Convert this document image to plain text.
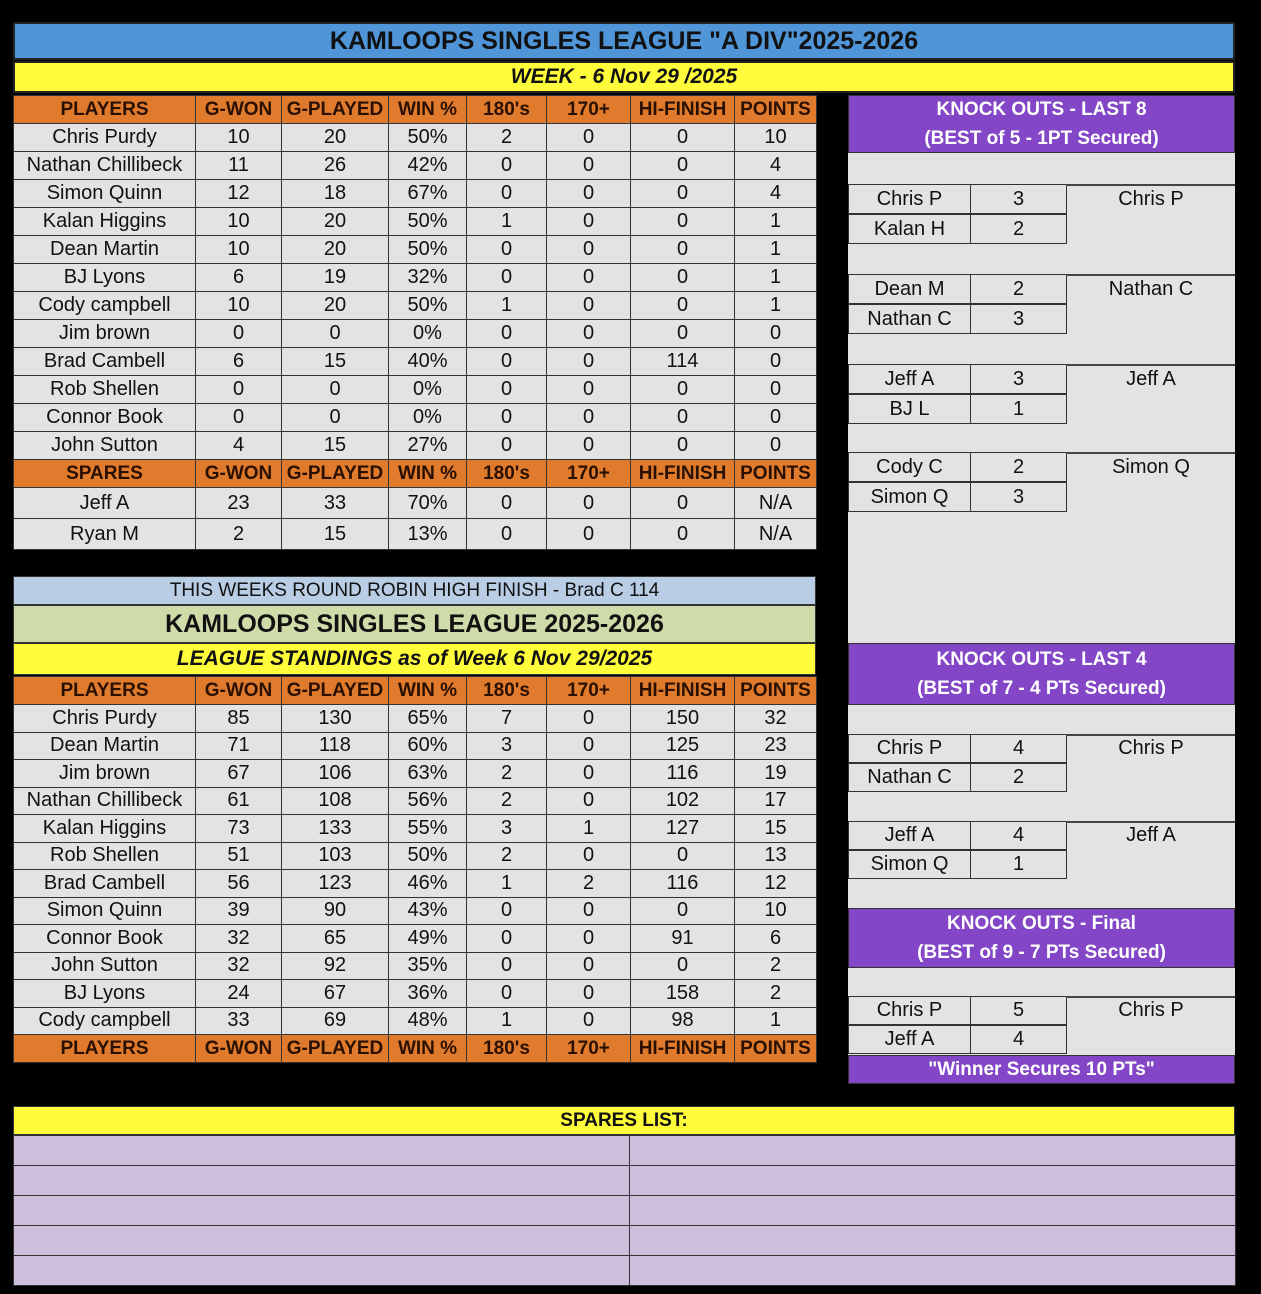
KAMLOOPS SINGLES LEAGUE "A DIV"2025-2026
WEEK - 6 Nov 29 /2025
PLAYERS	G-WON	G-PLAYED	WIN %	180's	170+	HI-FINISH	POINTS
Chris Purdy	10	20	50%	2	0	0	10
Nathan Chillibeck	11	26	42%	0	0	0	4
Simon Quinn	12	18	67%	0	0	0	4
Kalan Higgins	10	20	50%	1	0	0	1
Dean Martin	10	20	50%	0	0	0	1
BJ Lyons	6	19	32%	0	0	0	1
Cody campbell	10	20	50%	1	0	0	1
Jim brown	0	0	0%	0	0	0	0
Brad Cambell	6	15	40%	0	0	114	0
Rob Shellen	0	0	0%	0	0	0	0
Connor Book	0	0	0%	0	0	0	0
John Sutton	4	15	27%	0	0	0	0
SPARES	G-WON	G-PLAYED	WIN %	180's	170+	HI-FINISH	POINTS
Jeff A	23	33	70%	0	0	0	N/A
Ryan M	2	15	13%	0	0	0	N/A
THIS WEEKS ROUND ROBIN HIGH FINISH - Brad C 114
KAMLOOPS SINGLES LEAGUE 2025-2026
LEAGUE STANDINGS as of Week 6 Nov 29/2025
PLAYERS	G-WON	G-PLAYED	WIN %	180's	170+	HI-FINISH	POINTS
Chris Purdy	85	130	65%	7	0	150	32
Dean Martin	71	118	60%	3	0	125	23
Jim brown	67	106	63%	2	0	116	19
Nathan Chillibeck	61	108	56%	2	0	102	17
Kalan Higgins	73	133	55%	3	1	127	15
Rob Shellen	51	103	50%	2	0	0	13
Brad Cambell	56	123	46%	1	2	116	12
Simon Quinn	39	90	43%	0	0	0	10
Connor Book	32	65	49%	0	0	91	6
John Sutton	32	92	35%	0	0	0	2
BJ Lyons	24	67	36%	0	0	158	2
Cody campbell	33	69	48%	1	0	98	1
PLAYERS	G-WON	G-PLAYED	WIN %	180's	170+	HI-FINISH	POINTS
KNOCK OUTS - LAST 8
(BEST of 5 - 1PT Secured)
Chris P	3
Kalan H	2
Chris P
Dean M	2
Nathan C	3
Nathan C
Jeff A	3
BJ L	1
Jeff A
Cody C	2
Simon Q	3
Simon Q
KNOCK OUTS - LAST 4
(BEST of 7 - 4 PTs Secured)
Chris P	4
Nathan C	2
Chris P
Jeff A	4
Simon Q	1
Jeff A
KNOCK OUTS - Final
(BEST of 9 - 7 PTs Secured)
Chris P	5
Jeff A	4
Chris P
"Winner Secures 10 PTs"
SPARES LIST:
